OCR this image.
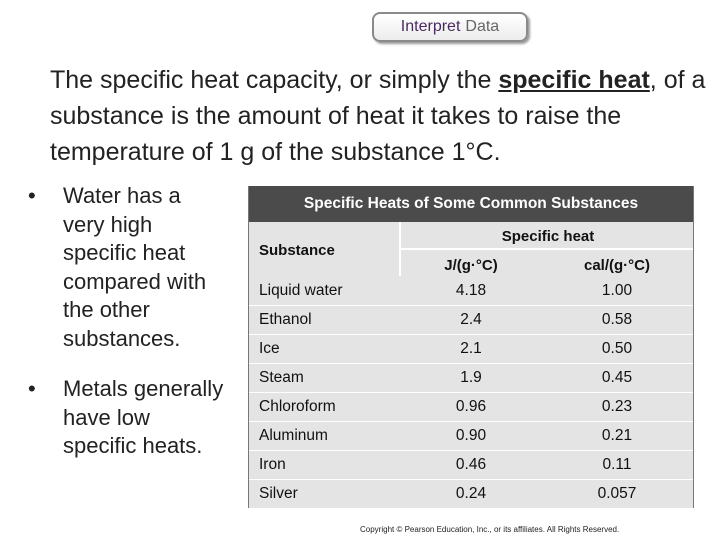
Interpret Data
The specific heat capacity, or simply the specific heat, of a substance is the amount of heat it takes to raise the temperature of 1 g of the substance 1°C.
• Water has a very high specific heat compared with the other substances.
• Metals generally have low specific heats.
Specific Heats of Some Common Substances
Substance
Specific heat
J/(g·°C)	cal/(g·°C)
Liquid water	4.18	1.00
Ethanol	2.4	0.58
Ice	2.1	0.50
Steam	1.9	0.45
Chloroform	0.96	0.23
Aluminum	0.90	0.21
Iron	0.46	0.11
Silver	0.24	0.057
Copyright © Pearson Education, Inc., or its affiliates. All Rights Reserved.
